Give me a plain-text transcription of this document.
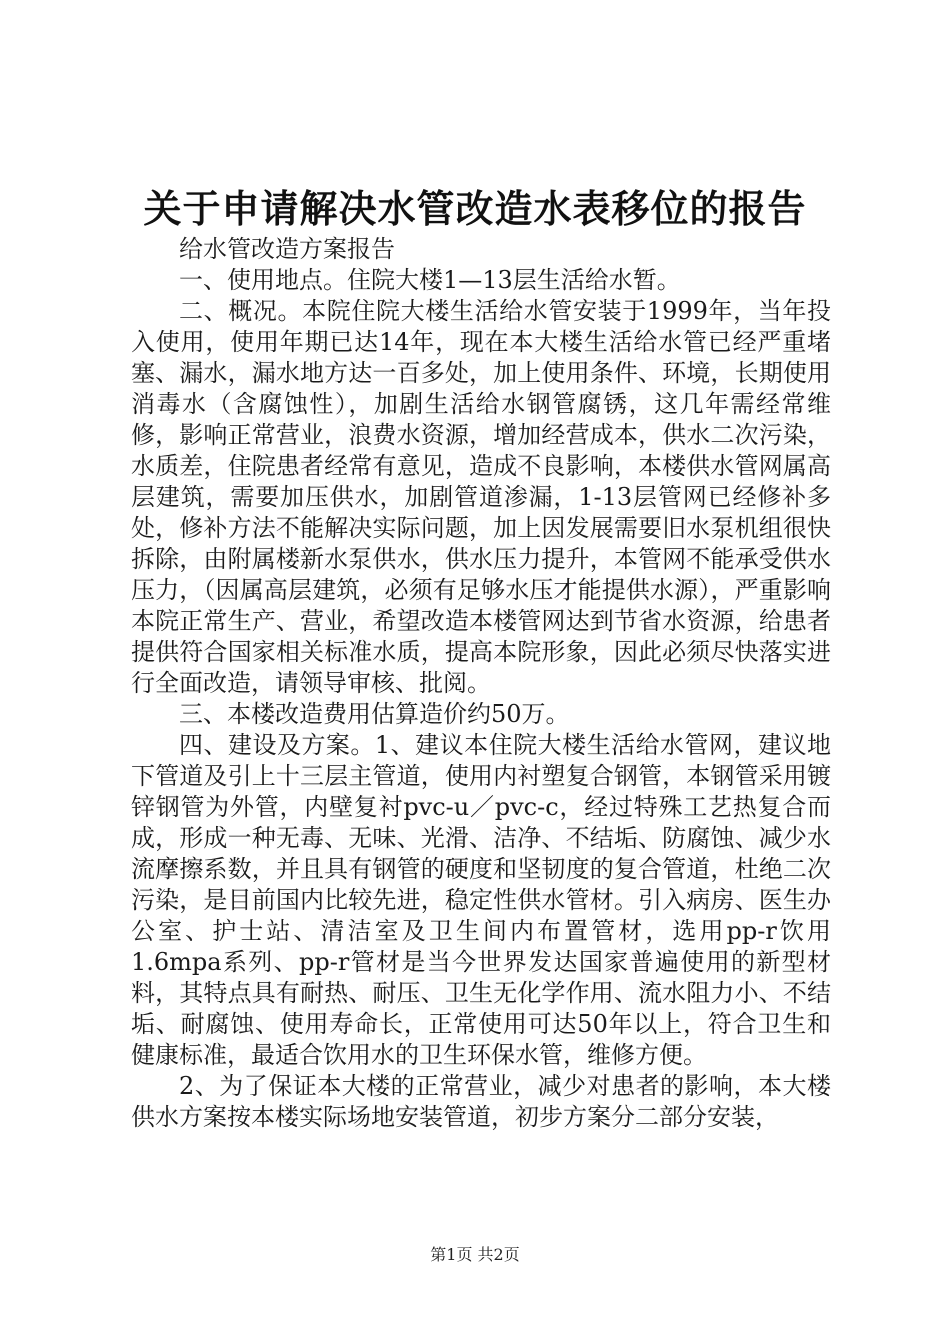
关于申请解决水管改造水表移位的报告

给水管改造方案报告

一、使用地点。住院大楼1—13层生活给水暂。

二、概况。本院住院大楼生活给水管安装于1999年，当年投入使用，使用年期已达14年，现在本大楼生活给水管已经严重堵塞、漏水，漏水地方达一百多处，加上使用条件、环境，长期使用消毒水（含腐蚀性），加剧生活给水钢管腐锈，这几年需经常维修，影响正常营业，浪费水资源，增加经营成本，供水二次污染，水质差，住院患者经常有意见，造成不良影响，本楼供水管网属高层建筑，需要加压供水，加剧管道渗漏，1-13层管网已经修补多处，修补方法不能解决实际问题，加上因发展需要旧水泵机组很快拆除，由附属楼新水泵供水，供水压力提升，本管网不能承受供水压力，（因属高层建筑，必须有足够水压才能提供水源），严重影响本院正常生产、营业，希望改造本楼管网达到节省水资源，给患者提供符合国家相关标准水质，提高本院形象，因此必须尽快落实进行全面改造，请领导审核、批阅。

三、本楼改造费用估算造价约50万。

四、建设及方案。1、建议本住院大楼生活给水管网，建议地下管道及引上十三层主管道，使用内衬塑复合钢管，本钢管采用镀锌钢管为外管，内壁复衬pvc-u／pvc-c，经过特殊工艺热复合而成，形成一种无毒、无味、光滑、洁净、不结垢、防腐蚀、减少水流摩擦系数，并且具有钢管的硬度和坚韧度的复合管道，杜绝二次污染，是目前国内比较先进，稳定性供水管材。引入病房、医生办公室、护士站、清洁室及卫生间内布置管材，选用pp-r饮用1.6mpa系列、pp-r管材是当今世界发达国家普遍使用的新型材料，其特点具有耐热、耐压、卫生无化学作用、流水阻力小、不结垢、耐腐蚀、使用寿命长，正常使用可达50年以上，符合卫生和健康标准，最适合饮用水的卫生环保水管，维修方便。

2、为了保证本大楼的正常营业，减少对患者的影响，本大楼供水方案按本楼实际场地安装管道，初步方案分二部分安装，

第1页 共2页
